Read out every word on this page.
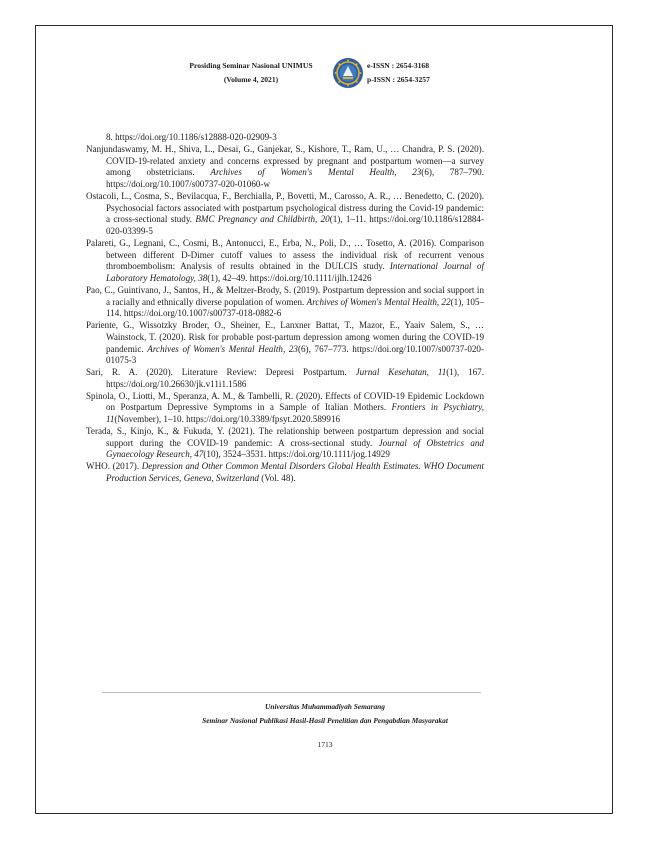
Prosiding Seminar Nasional UNIMUS
(Volume 4, 2021)
e-ISSN : 2654-3168
p-ISSN : 2654-3257

8. https://doi.org/10.1186/s12888-020-02909-3

Nanjundaswamy, M. H., Shiva, L., Desai, G., Ganjekar, S., Kishore, T., Ram, U., … Chandra, P. S. (2020). COVID-19-related anxiety and concerns expressed by pregnant and postpartum women—a survey among obstetricians. Archives of Women's Mental Health, 23(6), 787–790. https://doi.org/10.1007/s00737-020-01060-w

Ostacoli, L., Cosma, S., Bevilacqua, F., Berchialla, P., Bovetti, M., Carosso, A. R., … Benedetto, C. (2020). Psychosocial factors associated with postpartum psychological distress during the Covid-19 pandemic: a cross-sectional study. BMC Pregnancy and Childbirth, 20(1), 1–11. https://doi.org/10.1186/s12884-020-03399-5

Palareti, G., Legnani, C., Cosmi, B., Antonucci, E., Erba, N., Poli, D., … Tosetto, A. (2016). Comparison between different D-Dimer cutoff values to assess the individual risk of recurrent venous thromboembolism: Analysis of results obtained in the DULCIS study. International Journal of Laboratory Hematology, 38(1), 42–49. https://doi.org/10.1111/ijlh.12426

Pao, C., Guintivano, J., Santos, H., & Meltzer-Brody, S. (2019). Postpartum depression and social support in a racially and ethnically diverse population of women. Archives of Women's Mental Health, 22(1), 105–114. https://doi.org/10.1007/s00737-018-0882-6

Pariente, G., Wissotzky Broder, O., Sheiner, E., Lanxner Battat, T., Mazor, E., Yaaiv Salem, S., … Wainstock, T. (2020). Risk for probable post-partum depression among women during the COVID-19 pandemic. Archives of Women's Mental Health, 23(6), 767–773. https://doi.org/10.1007/s00737-020-01075-3

Sari, R. A. (2020). Literature Review: Depresi Postpartum. Jurnal Kesehatan, 11(1), 167. https://doi.org/10.26630/jk.v11i1.1586

Spinola, O., Liotti, M., Speranza, A. M., & Tambelli, R. (2020). Effects of COVID-19 Epidemic Lockdown on Postpartum Depressive Symptoms in a Sample of Italian Mothers. Frontiers in Psychiatry, 11(November), 1–10. https://doi.org/10.3389/fpsyt.2020.589916

Terada, S., Kinjo, K., & Fukuda, Y. (2021). The relationship between postpartum depression and social support during the COVID-19 pandemic: A cross-sectional study. Journal of Obstetrics and Gynaecology Research, 47(10), 3524–3531. https://doi.org/10.1111/jog.14929

WHO. (2017). Depression and Other Common Mental Disorders Global Health Estimates. WHO Document Production Services, Geneva, Switzerland (Vol. 48).

Universitas Muhammadiyah Semarang
Seminar Nasional Publikasi Hasil-Hasil Penelitian dan Pengabdian Masyarakat
1713
